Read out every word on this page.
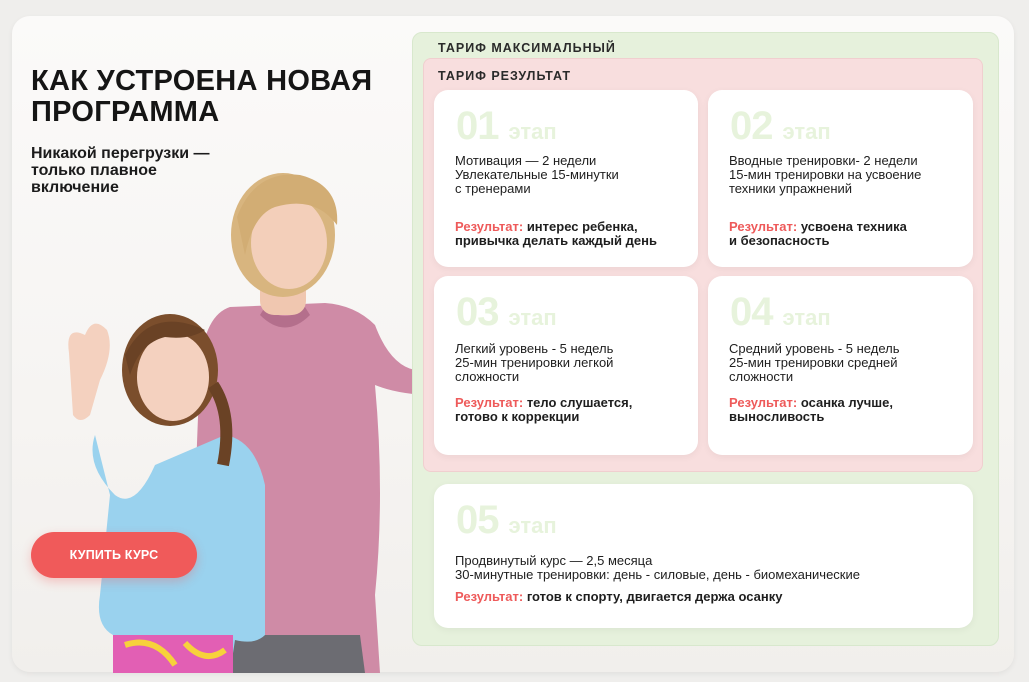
КАК УСТРОЕНА НОВАЯ
ПРОГРАММА
Никакой перегрузки —
только плавное
включение
КУПИТЬ КУРС
ТАРИФ МАКСИМАЛЬНЫЙ
ТАРИФ РЕЗУЛЬТАТ
01 этап
Мотивация — 2 недели
Увлекательные 15-минутки
с тренерами
Результат: интерес ребенка,
привычка делать каждый день
02 этап
Вводные тренировки- 2 недели
15-мин тренировки на усвоение
техники упражнений
Результат: усвоена техника
и безопасность
03 этап
Легкий уровень - 5 недель
25-мин тренировки легкой
сложности
Результат: тело слушается,
готово к коррекции
04 этап
Средний уровень - 5 недель
25-мин тренировки средней
сложности
Результат: осанка лучше,
выносливость
05 этап
Продвинутый курс — 2,5 месяца
30-минутные тренировки: день - силовые, день - биомеханические
Результат: готов к спорту, двигается держа осанку
